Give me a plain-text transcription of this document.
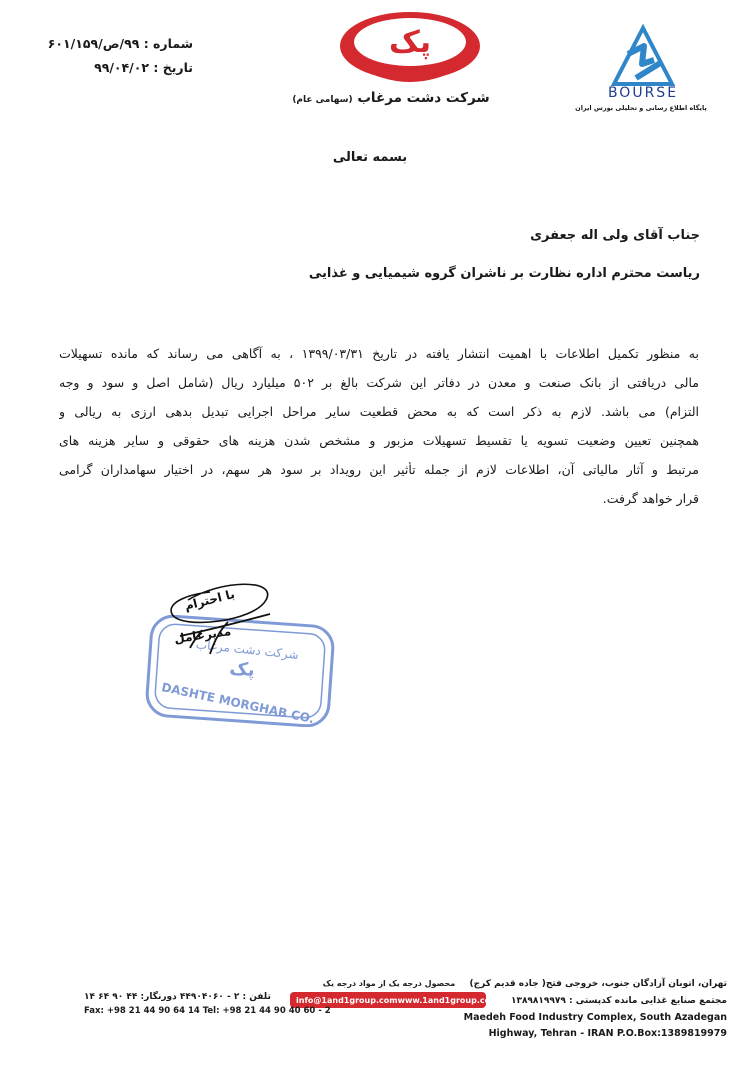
شماره : ۹۹/ص/۶۰۱/۱۵۹
تاریخ : ۹۹/۰۴/۰۲
پک
شرکت دشت مرغاب (سهامی عام)	BOURSE
پایگاه اطلاع رسانی و تحلیلی بورس ایران
بسمه تعالی
جناب آقای ولی اله جعفری
ریاست محترم اداره نظارت بر ناشران گروه شیمیایی و غذایی
به منظور تکمیل اطلاعات با اهمیت انتشار یافته در تاریخ ۱۳۹۹/۰۳/۳۱ ، به آگاهی می رساند که مانده تسهیلات
مالی دریافتی از بانک صنعت و معدن در دفاتر این شرکت بالغ بر ۵۰۲ میلیارد ریال (شامل اصل و سود و وجه
التزام) می باشد. لازم به ذکر است که به محض قطعیت سایر مراحل اجرایی تبدیل بدهی ارزی به ریالی و
همچنین تعیین وضعیت تسویه یا تقسیط تسهیلات مزبور و مشخص شدن هزینه های حقوقی و سایر هزینه های
مرتبط و آثار مالیاتی آن، اطلاعات لازم از جمله تأثیر این رویداد بر سود هر سهم، در اختیار سهامداران گرامی
قرار خواهد گرفت.
شرکت دشت مرغاب
پک
DASHTE MORGHAB CO.
با احترام
مدیرعامل
تهران، اتوبان آزادگان جنوب، خروجی فتح( جاده قدیم کرج)
مجتمع صنایع غذایی مانده کدپستی : ۱۳۸۹۸۱۹۹۷۹
Maedeh Food Industry Complex, South Azadegan
Highway, Tehran - IRAN P.O.Box:1389819979
محصول درجه یک از مواد درجه یک
info@1and1group.com www.1and1group.com
تلفن : ۲ - ۴۴۹۰۴۰۶۰ دورنگار: ۴۴ ۹۰ ۶۴ ۱۴
Fax: +98 21 44 90 64 14 Tel: +98 21 44 90 40 60 - 2
